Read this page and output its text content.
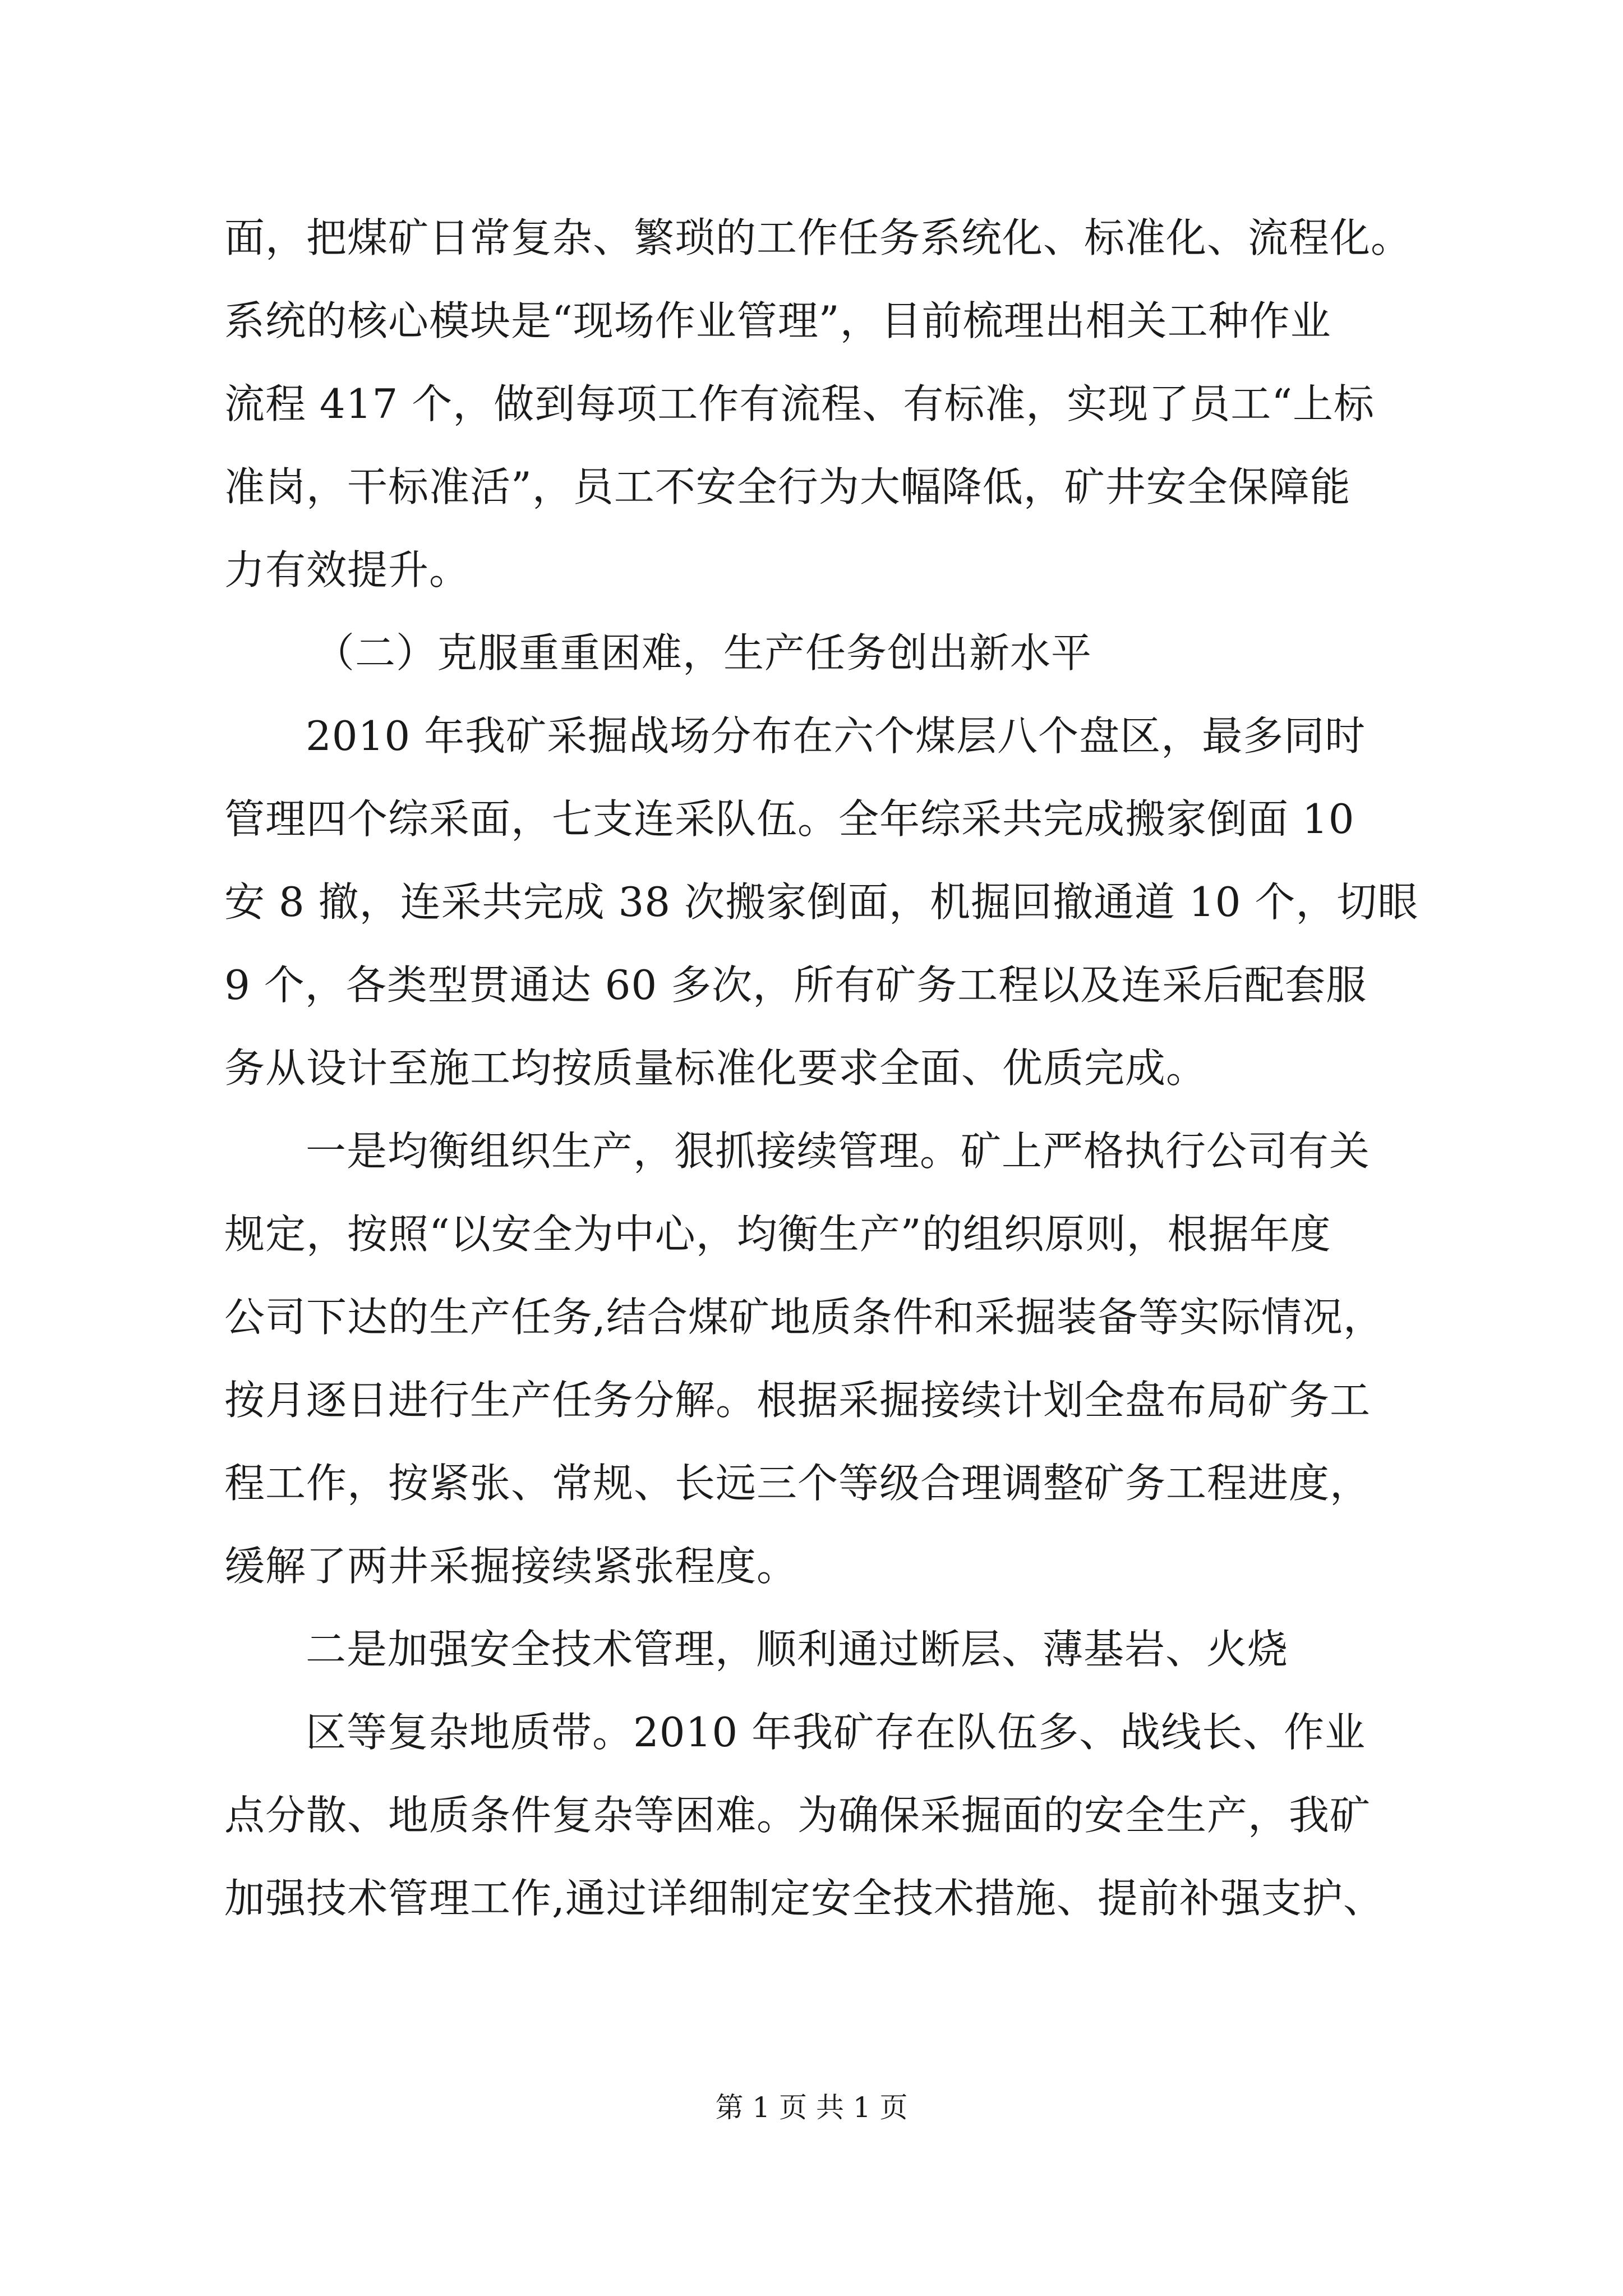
面，把煤矿日常复杂、繁琐的工作任务系统化、标准化、流程化。
系统的核心模块是“现场作业管理”，目前梳理出相关工种作业
流程 417 个，做到每项工作有流程、有标准，实现了员工“上标
准岗，干标准活”，员工不安全行为大幅降低，矿井安全保障能
力有效提升。
（二）克服重重困难，生产任务创出新水平
2010 年我矿采掘战场分布在六个煤层八个盘区，最多同时
管理四个综采面，七支连采队伍。全年综采共完成搬家倒面 10
安 8 撤，连采共完成 38 次搬家倒面，机掘回撤通道 10 个，切眼
9 个，各类型贯通达 60 多次，所有矿务工程以及连采后配套服
务从设计至施工均按质量标准化要求全面、优质完成。
一是均衡组织生产，狠抓接续管理。矿上严格执行公司有关
规定，按照“以安全为中心，均衡生产”的组织原则，根据年度
公司下达的生产任务,结合煤矿地质条件和采掘装备等实际情况，
按月逐日进行生产任务分解。根据采掘接续计划全盘布局矿务工
程工作，按紧张、常规、长远三个等级合理调整矿务工程进度，
缓解了两井采掘接续紧张程度。
二是加强安全技术管理，顺利通过断层、薄基岩、火烧
区等复杂地质带。2010 年我矿存在队伍多、战线长、作业
点分散、地质条件复杂等困难。为确保采掘面的安全生产，我矿
加强技术管理工作,通过详细制定安全技术措施、提前补强支护、
第 1 页 共 1 页
